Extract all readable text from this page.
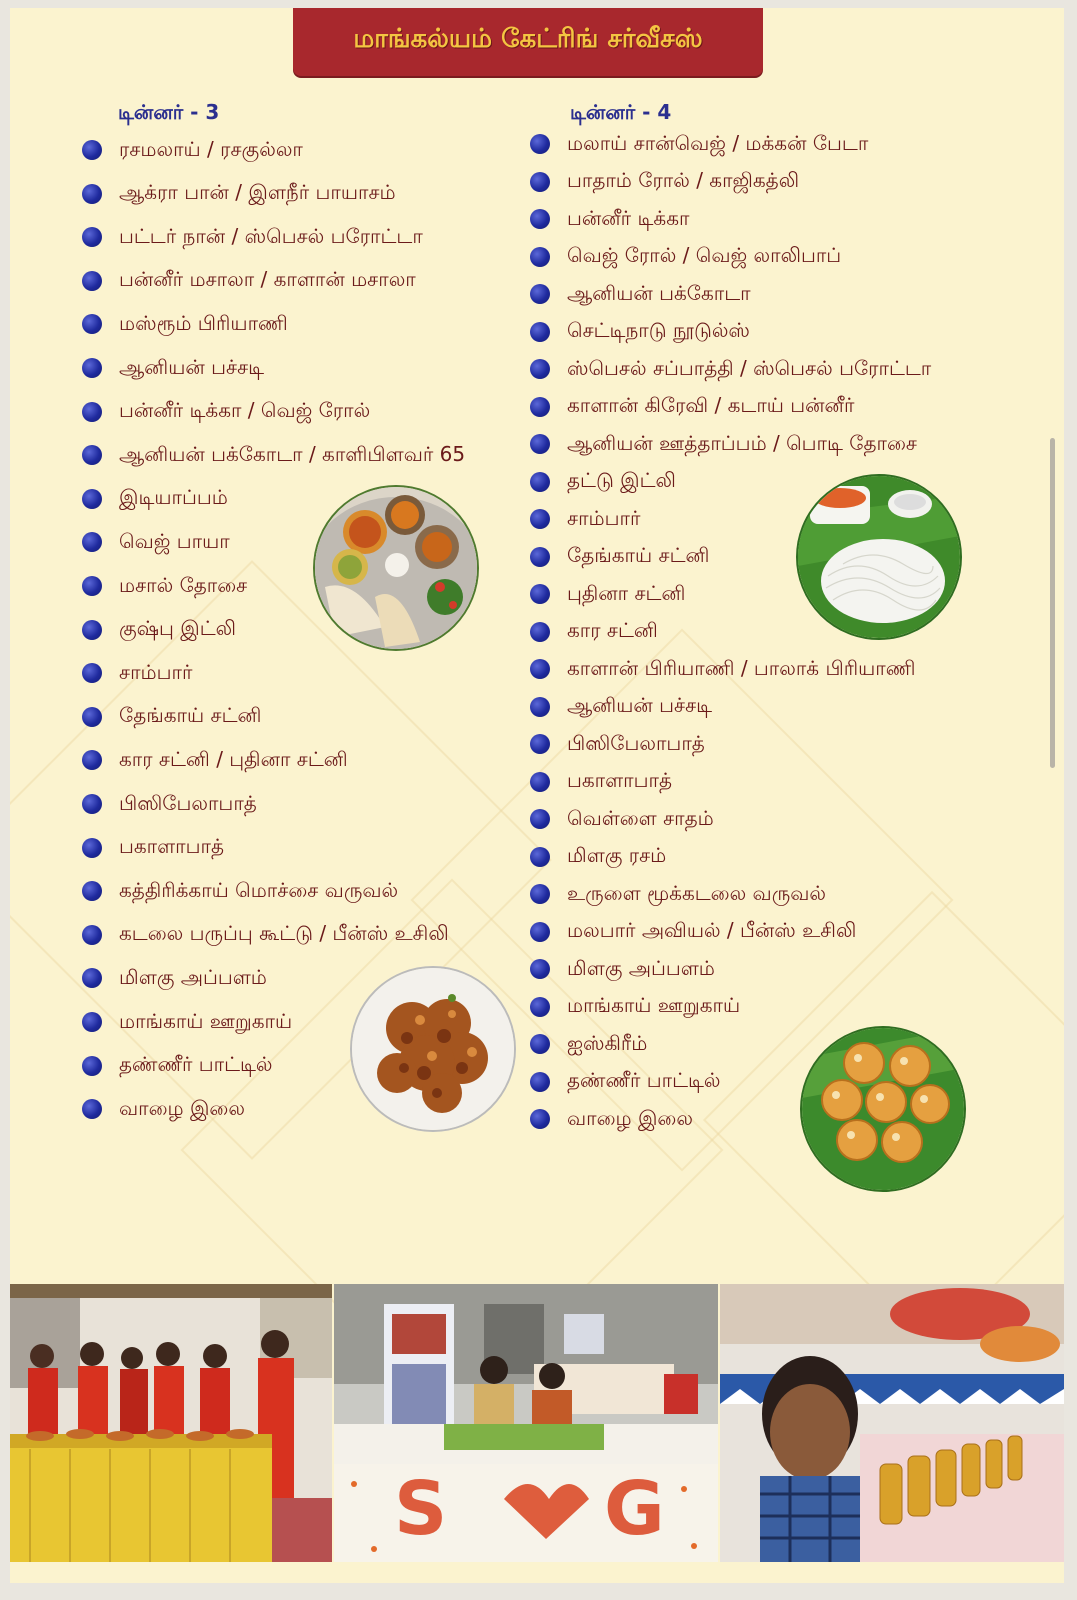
மாங்கல்யம் கேட்ரிங் சர்வீசஸ்
டின்னர் - 3	டின்னர் - 4
ரசமலாய் / ரசகுல்லா
ஆக்ரா பான் / இளநீர் பாயாசம்
பட்டர் நான் / ஸ்பெசல் பரோட்டா
பன்னீர் மசாலா / காளான் மசாலா
மஸ்ரூம் பிரியாணி
ஆனியன் பச்சடி
பன்னீர் டிக்கா / வெஜ் ரோல்
ஆனியன் பக்கோடா / காளிபிளவர் 65
இடியாப்பம்
வெஜ் பாயா
மசால் தோசை
குஷ்பு இட்லி
சாம்பார்
தேங்காய் சட்னி
கார சட்னி / புதினா சட்னி
பிஸிபேலாபாத்
பகாளாபாத்
கத்திரிக்காய் மொச்சை வருவல்
கடலை பருப்பு கூட்டு / பீன்ஸ் உசிலி
மிளகு அப்பளம்
மாங்காய் ஊறுகாய்
தண்ணீர் பாட்டில்
வாழை இலை
மலாய் சான்வெஜ் / மக்கன் பேடா
பாதாம் ரோல் / காஜிகத்லி
பன்னீர் டிக்கா
வெஜ் ரோல் / வெஜ் லாலிபாப்
ஆனியன் பக்கோடா
செட்டிநாடு நூடுல்ஸ்
ஸ்பெசல் சப்பாத்தி / ஸ்பெசல் பரோட்டா
காளான் கிரேவி / கடாய் பன்னீர்
ஆனியன் ஊத்தாப்பம் / பொடி தோசை
தட்டு இட்லி
சாம்பார்
தேங்காய் சட்னி
புதினா சட்னி
கார சட்னி
காளான் பிரியாணி / பாலாக் பிரியாணி
ஆனியன் பச்சடி
பிஸிபேலாபாத்
பகாளாபாத்
வெள்ளை சாதம்
மிளகு ரசம்
உருளை மூக்கடலை வருவல்
மலபார் அவியல் / பீன்ஸ் உசிலி
மிளகு அப்பளம்
மாங்காய் ஊறுகாய்
ஐஸ்கிரீம்
தண்ணீர் பாட்டில்
வாழை இலை
S G
